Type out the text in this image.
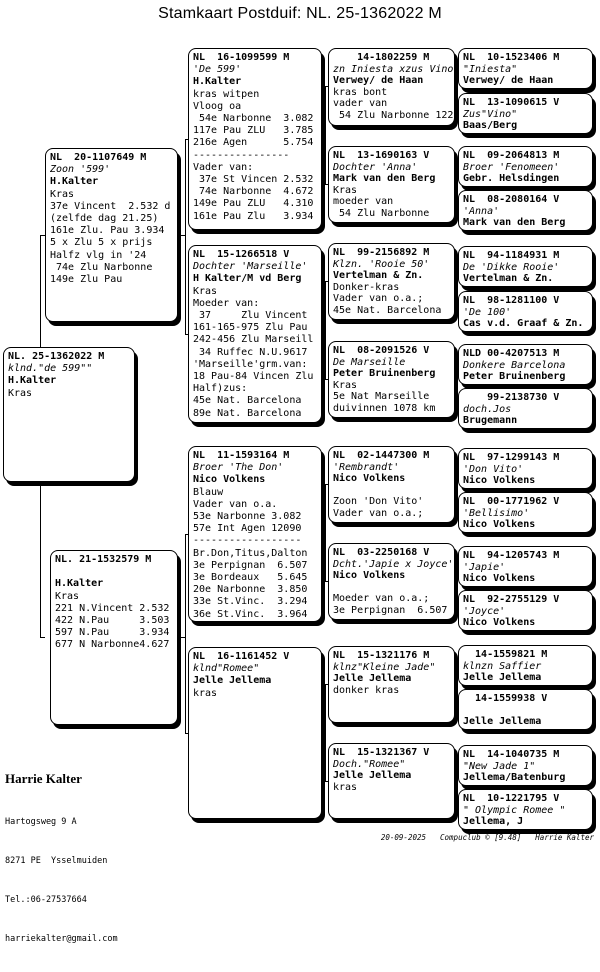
Stamkaart Postduif: NL. 25-1362022 M
NL. 25-1362022 M
klnd."de 599""
H.Kalter
Kras
NL  20-1107649 M
Zoon '599'
H.Kalter
Kras
37e Vincent  2.532 d
(zelfde dag 21.25)
161e Zlu. Pau 3.934
5 x Zlu 5 x prijs
Halfz vlg in '24
74e Zlu Narbonne
149e Zlu Pau
NL. 21-1532579 M

H.Kalter
Kras
221 N.Vincent 2.532
422 N.Pau     3.503
597 N.Pau     3.934
677 N Narbonne4.627
NL  16-1099599 M
'De 599'
H.Kalter
kras witpen
Vloog oa
54e Narbonne  3.082
117e Pau ZLU   3.785
216e Agen      5.754
----------------
Vader van:
37e St Vincen 2.532
74e Narbonne  4.672
149e Pau ZLU   4.310
161e Pau Zlu   3.934
NL  15-1266518 V
Dochter 'Marseille'
H Kalter/M vd Berg
Kras
Moeder van:
37     Zlu Vincent
161-165-975 Zlu Pau
242-456 Zlu Marseill
34 Ruffec N.U.9617
'Marseille'grm.van:
18 Pau-84 Vincen Zlu
Half)zus:
45e Nat. Barcelona
89e Nat. Barcelona
NL  11-1593164 M
Broer 'The Don'
Nico Volkens
Blauw
Vader van o.a.
53e Narbonne 3.082
57e Int Agen 12090
------------------
Br.Don,Titus,Dalton
3e Perpignan  6.507
3e Bordeaux   5.645
20e Narbonne  3.850
33e St.Vinc.  3.294
36e St.Vinc.  3.964
NL  16-1161452 V
klnd"Romee"
Jelle Jellema
kras
14-1802259 M
zn Iniesta xzus Vino
Verwey/ de Haan
kras bont
vader van
54 Zlu Narbonne 122
NL  13-1690163 V
Dochter 'Anna'
Mark van den Berg
Kras
moeder van
54 Zlu Narbonne
NL  99-2156892 M
Klzn. 'Rooie 50'
Vertelman & Zn.
Donker-kras
Vader van o.a.;
45e Nat. Barcelona
NL  08-2091526 V
De Marseille
Peter Bruinenberg
Kras
5e Nat Marseille
duivinnen 1078 km
NL  02-1447300 M
'Rembrandt'
Nico Volkens

Zoon 'Don Vito'
Vader van o.a.;
NL  03-2250168 V
Dcht.'Japie x Joyce'
Nico Volkens

Moeder van o.a.;
3e Perpignan  6.507
NL  15-1321176 M
klnz"Kleine Jade"
Jelle Jellema
donker kras
NL  15-1321367 V
Doch."Romee"
Jelle Jellema
kras
NL  10-1523406 M
"Iniesta"
Verwey/ de Haan
NL  13-1090615 V
Zus"Vino"
Baas/Berg
NL  09-2064813 M
Broer 'Fenomeen'
Gebr. Helsdingen
NL  08-2080164 V
'Anna'
Mark van den Berg
NL  94-1184931 M
De 'Dikke Rooie'
Vertelman & Zn.
NL  98-1281100 V
'De 100'
Cas v.d. Graaf & Zn.
NLD 00-4207513 M
Donkere Barcelona
Peter Bruinenberg
99-2138730 V
doch.Jos
Brugemann
NL  97-1299143 M
'Don Vito'
Nico Volkens
NL  00-1771962 V
'Bellisimo'
Nico Volkens
NL  94-1205743 M
'Japie'
Nico Volkens
NL  92-2755129 V
'Joyce'
Nico Volkens
14-1559821 M
klnzn Saffier
Jelle Jellema
14-1559938 V

Jelle Jellema
NL  14-1040735 M
"New Jade 1"
Jellema/Batenburg
NL  10-1221795 V
" Olympic Romee "
Jellema, J

Harrie Kalter

Hartogsweg 9 A

8271 PE  Ysselmuiden

Tel.:06-27537664

harriekalter@gmail.com

20-09-2025 Compuclub © [9.48] Harrie Kalter
